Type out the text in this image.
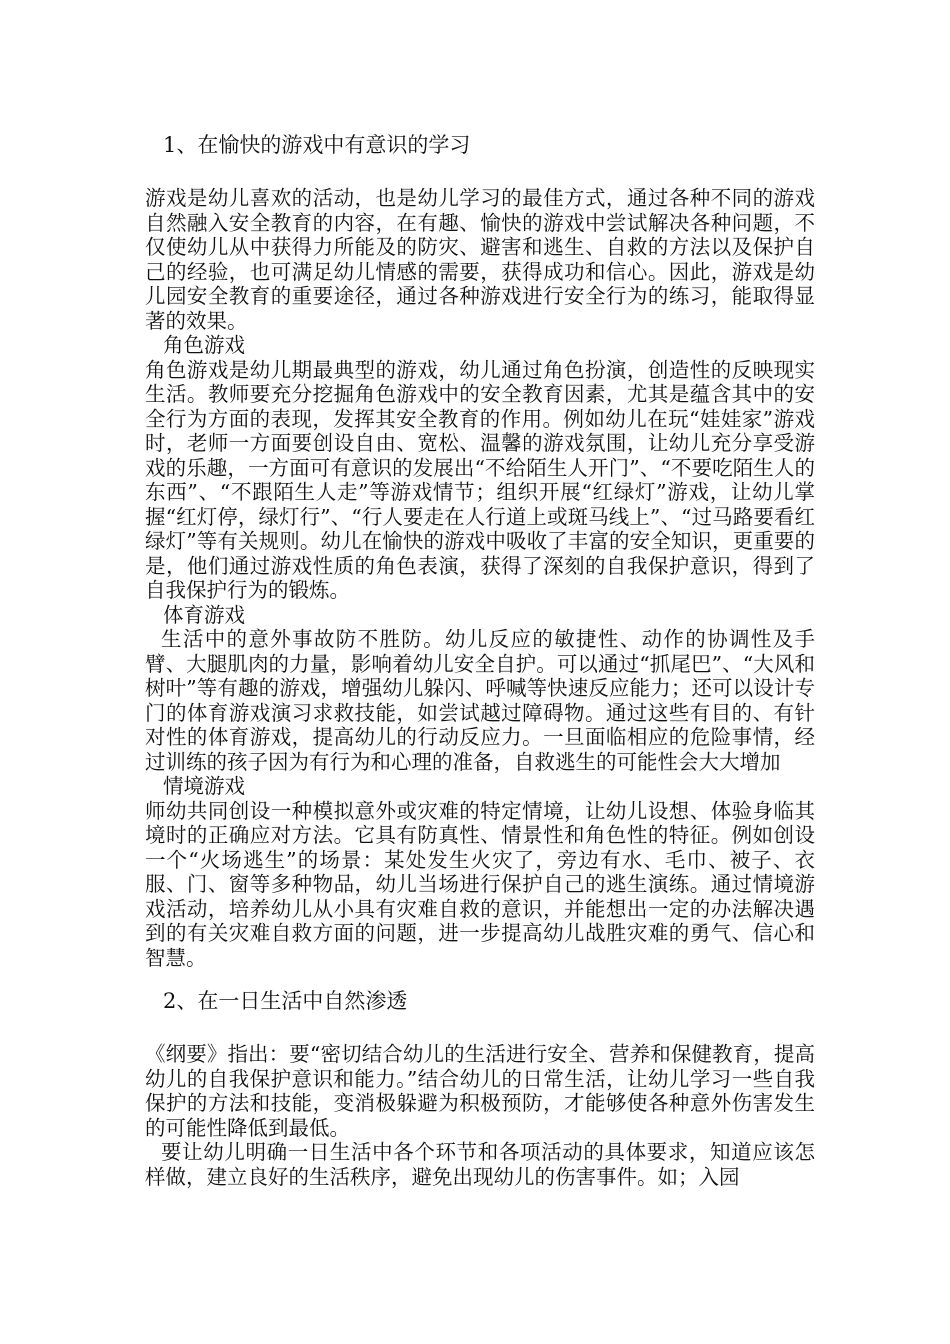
1、在愉快的游戏中有意识的学习

游戏是幼儿喜欢的活动，也是幼儿学习的最佳方式，通过各种不同的游戏自然融入安全教育的内容，在有趣、愉快的游戏中尝试解决各种问题，不仅使幼儿从中获得力所能及的防灾、避害和逃生、自救的方法以及保护自己的经验，也可满足幼儿情感的需要，获得成功和信心。因此，游戏是幼儿园安全教育的重要途径，通过各种游戏进行安全行为的练习，能取得显著的效果。

角色游戏

角色游戏是幼儿期最典型的游戏，幼儿通过角色扮演，创造性的反映现实生活。教师要充分挖掘角色游戏中的安全教育因素，尤其是蕴含其中的安全行为方面的表现，发挥其安全教育的作用。例如幼儿在玩“娃娃家”游戏时，老师一方面要创设自由、宽松、温馨的游戏氛围，让幼儿充分享受游戏的乐趣，一方面可有意识的发展出“不给陌生人开门”、“不要吃陌生人的东西”、“不跟陌生人走”等游戏情节；组织开展“红绿灯”游戏，让幼儿掌握“红灯停，绿灯行”、“行人要走在人行道上或斑马线上”、“过马路要看红绿灯”等有关规则。幼儿在愉快的游戏中吸收了丰富的安全知识，更重要的是，他们通过游戏性质的角色表演，获得了深刻的自我保护意识，得到了自我保护行为的锻炼。

体育游戏

生活中的意外事故防不胜防。幼儿反应的敏捷性、动作的协调性及手臂、大腿肌肉的力量，影响着幼儿安全自护。可以通过“抓尾巴”、“大风和树叶”等有趣的游戏，增强幼儿躲闪、呼喊等快速反应能力；还可以设计专门的体育游戏演习求救技能，如尝试越过障碍物。通过这些有目的、有针对性的体育游戏，提高幼儿的行动反应力。一旦面临相应的危险事情，经过训练的孩子因为有行为和心理的准备，自救逃生的可能性会大大增加

情境游戏

师幼共同创设一种模拟意外或灾难的特定情境，让幼儿设想、体验身临其境时的正确应对方法。它具有防真性、情景性和角色性的特征。例如创设一个“火场逃生”的场景：某处发生火灾了，旁边有水、毛巾、被子、衣服、门、窗等多种物品，幼儿当场进行保护自己的逃生演练。通过情境游戏活动，培养幼儿从小具有灾难自救的意识，并能想出一定的办法解决遇到的有关灾难自救方面的问题，进一步提高幼儿战胜灾难的勇气、信心和智慧。

2、在一日生活中自然渗透

《纲要》指出：要“密切结合幼儿的生活进行安全、营养和保健教育，提高幼儿的自我保护意识和能力。”结合幼儿的日常生活，让幼儿学习一些自我保护的方法和技能，变消极躲避为积极预防，才能够使各种意外伤害发生的可能性降低到最低。

要让幼儿明确一日生活中各个环节和各项活动的具体要求，知道应该怎样做，建立良好的生活秩序，避免出现幼儿的伤害事件。如；入园
